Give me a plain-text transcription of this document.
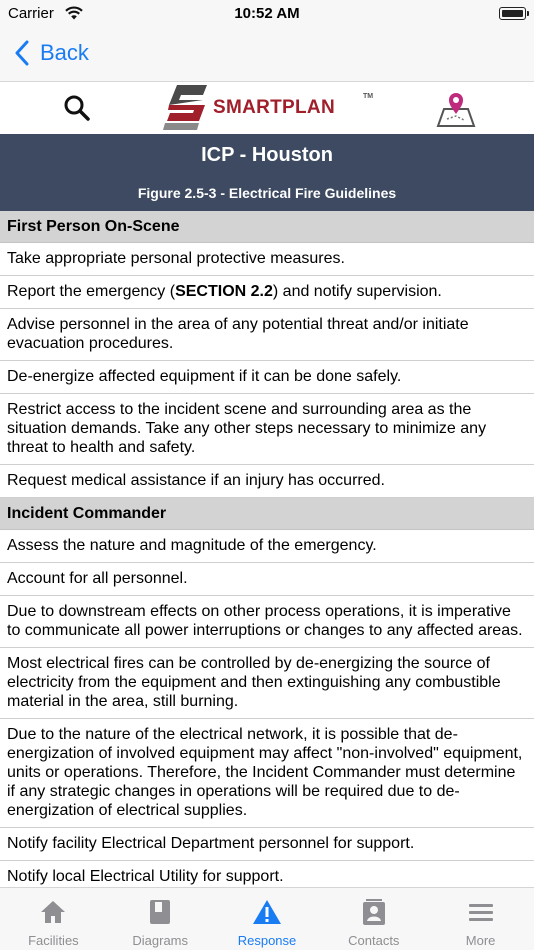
Carrier	10:52 AM
Back
SMARTPLAN
TM
ICP - Houston
Figure 2.5-3 - Electrical Fire Guidelines
First Person On-Scene
Take appropriate personal protective measures.
Report the emergency (SECTION 2.2) and notify supervision.
Advise personnel in the area of any potential threat and/or initiate evacuation procedures.
De-energize affected equipment if it can be done safely.
Restrict access to the incident scene and surrounding area as the situation demands. Take any other steps necessary to minimize any threat to health and safety.
Request medical assistance if an injury has occurred.
Incident Commander
Assess the nature and magnitude of the emergency.
Account for all personnel.
Due to downstream effects on other process operations, it is imperative to communicate all power interruptions or changes to any affected areas.
Most electrical fires can be controlled by de-energizing the source of electricity from the equipment and then extinguishing any combustible material in the area, still burning.
Due to the nature of the electrical network, it is possible that de-energization of involved equipment may affect "non-involved" equipment, units or operations. Therefore, the Incident Commander must determine if any strategic changes in operations will be required due to de-energization of electrical supplies.
Notify facility Electrical Department personnel for support.
Notify local Electrical Utility for support.
Facilities	Diagrams	Response	Contacts	More
